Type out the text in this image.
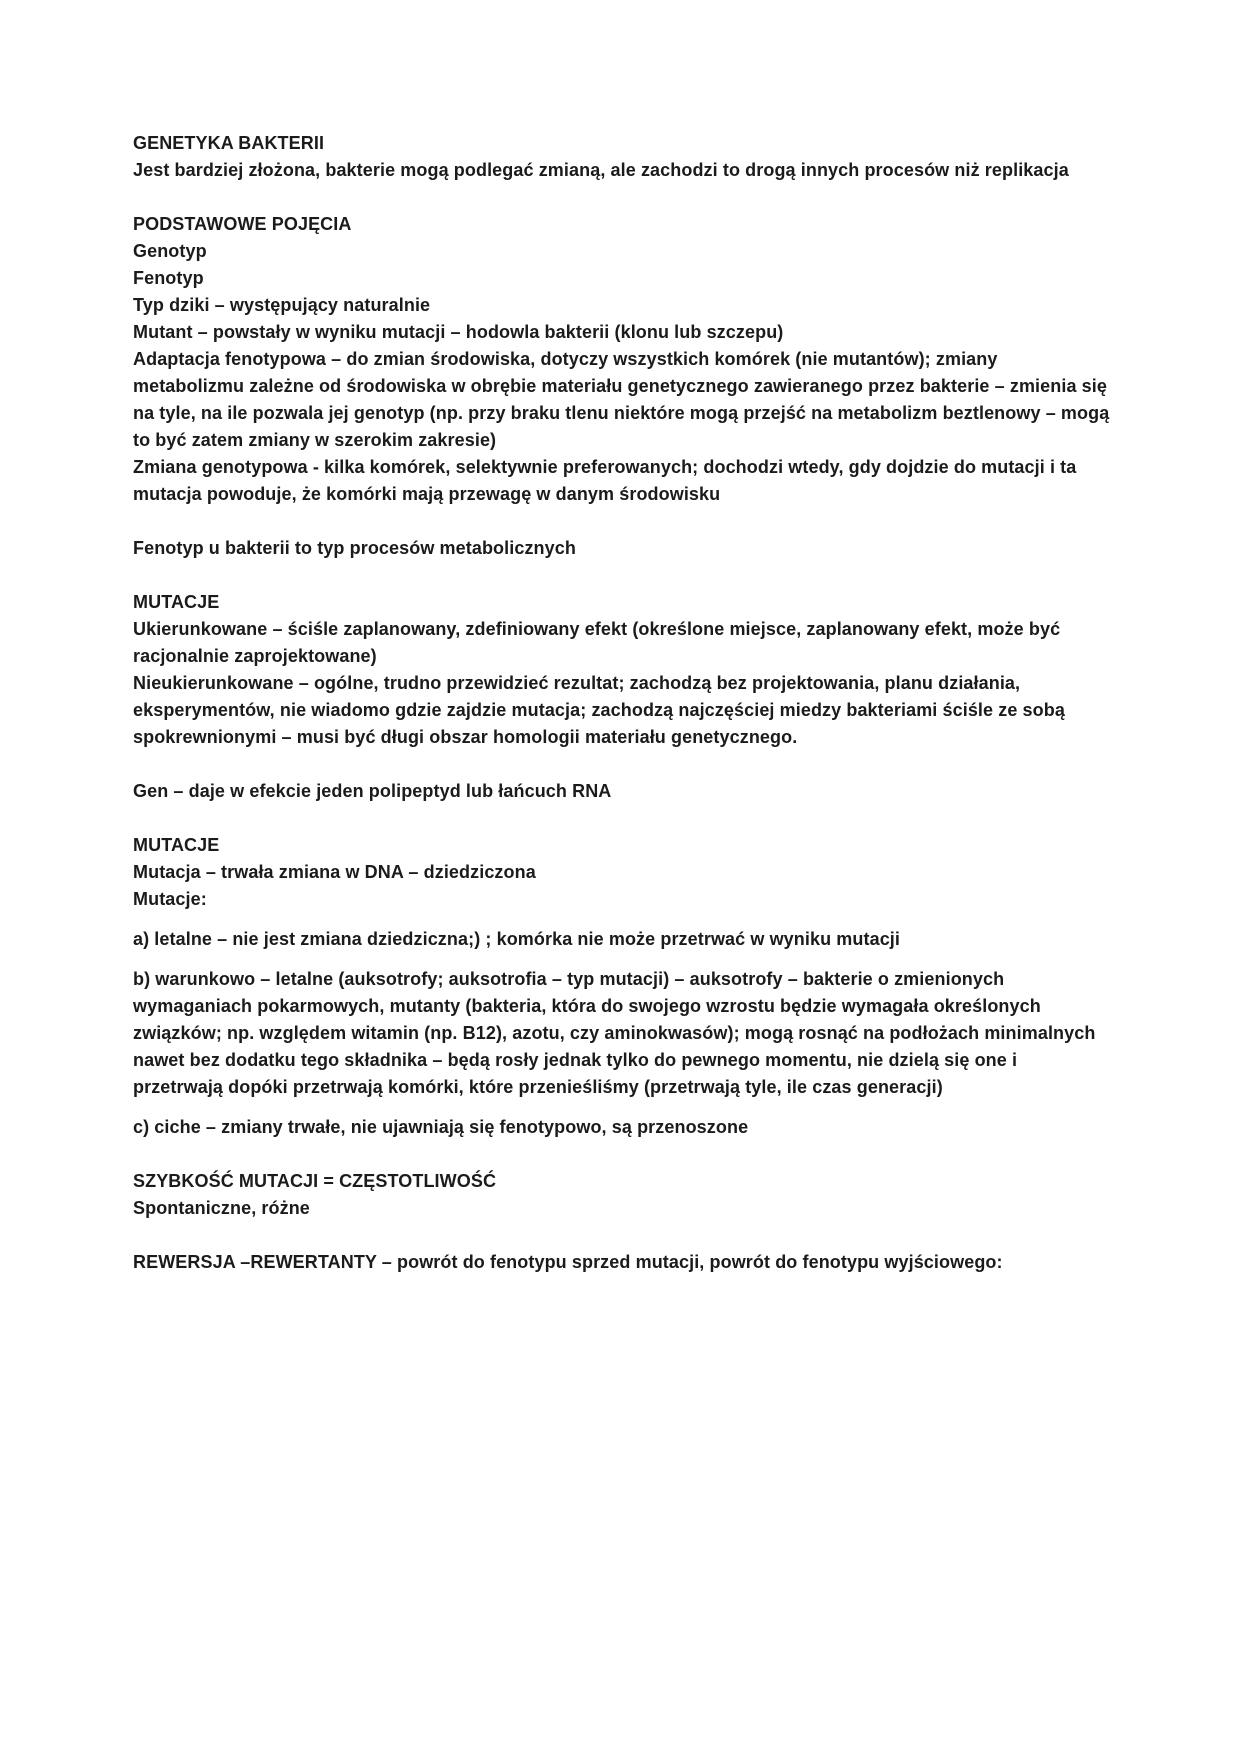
GENETYKA BAKTERII

Jest bardziej złożona, bakterie mogą podlegać zmianą, ale zachodzi to drogą innych procesów niż replikacja

PODSTAWOWE POJĘCIA

Genotyp

Fenotyp

Typ dziki – występujący naturalnie

Mutant – powstały w wyniku mutacji – hodowla bakterii (klonu lub szczepu)

Adaptacja fenotypowa – do zmian środowiska, dotyczy wszystkich komórek (nie mutantów); zmiany metabolizmu zależne od środowiska w obrębie materiału genetycznego zawieranego przez bakterie – zmienia się na tyle, na ile pozwala jej genotyp (np. przy braku tlenu niektóre mogą przejść na metabolizm beztlenowy – mogą to być zatem zmiany w szerokim zakresie)

Zmiana genotypowa - kilka komórek, selektywnie preferowanych; dochodzi wtedy, gdy dojdzie do mutacji i ta mutacja powoduje, że komórki mają przewagę w danym środowisku

Fenotyp u bakterii to typ procesów metabolicznych

MUTACJE

Ukierunkowane – ściśle zaplanowany, zdefiniowany efekt (określone miejsce, zaplanowany efekt, może być racjonalnie zaprojektowane)

Nieukierunkowane – ogólne, trudno przewidzieć rezultat; zachodzą bez projektowania, planu działania, eksperymentów, nie wiadomo gdzie zajdzie mutacja; zachodzą najczęściej miedzy bakteriami ściśle ze sobą spokrewnionymi – musi być długi obszar homologii materiału genetycznego.

Gen – daje w efekcie jeden polipeptyd lub łańcuch RNA

MUTACJE

Mutacja – trwała zmiana w DNA – dziedziczona

Mutacje:

a) letalne – nie jest zmiana dziedziczna;) ; komórka nie może przetrwać w wyniku mutacji

b) warunkowo – letalne (auksotrofy; auksotrofia – typ mutacji) – auksotrofy – bakterie o zmienionych wymaganiach pokarmowych, mutanty (bakteria, która do swojego wzrostu będzie wymagała określonych związków; np. względem witamin (np. B12), azotu, czy aminokwasów); mogą rosnąć na podłożach minimalnych nawet bez dodatku tego składnika – będą rosły jednak tylko do pewnego momentu, nie dzielą się one i przetrwają dopóki przetrwają komórki, które przenieśliśmy (przetrwają tyle, ile czas generacji)

c) ciche – zmiany trwałe, nie ujawniają się fenotypowo, są przenoszone

SZYBKOŚĆ MUTACJI = CZĘSTOTLIWOŚĆ

Spontaniczne, różne

REWERSJA –REWERTANTY – powrót do fenotypu sprzed mutacji, powrót do fenotypu wyjściowego:
